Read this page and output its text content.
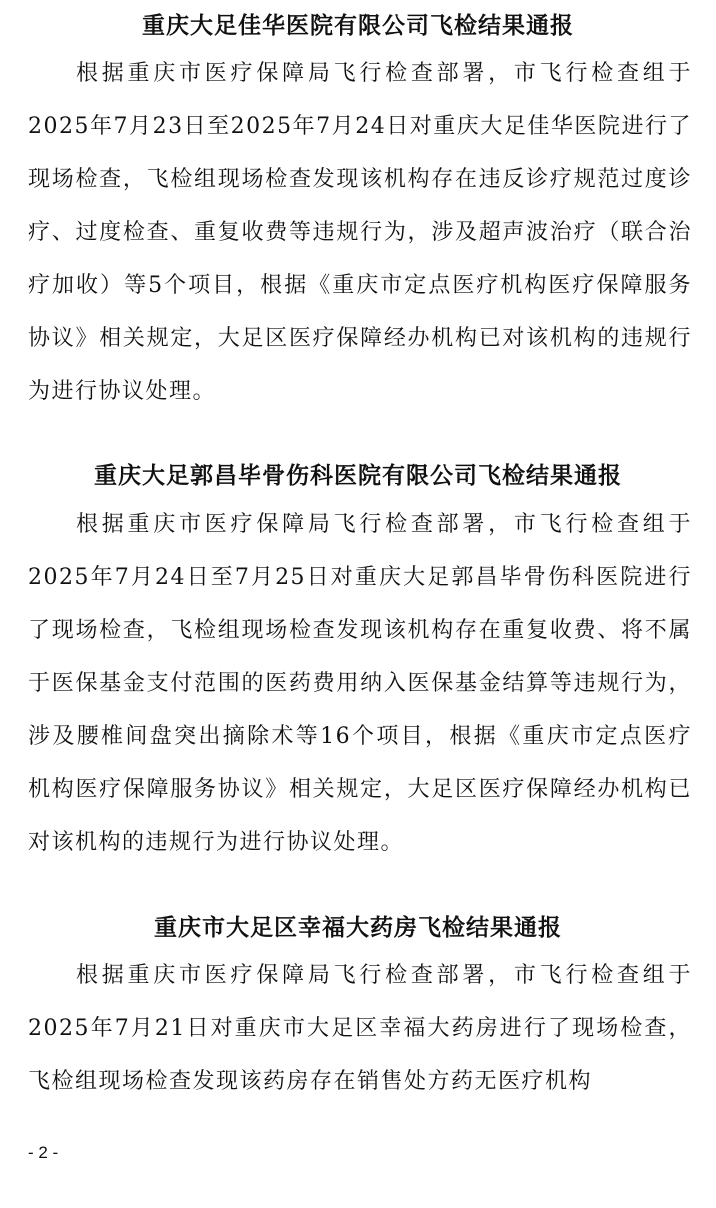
重庆大足佳华医院有限公司飞检结果通报

根据重庆市医疗保障局飞行检查部署，市飞行检查组于2025年7月23日至2025年7月24日对重庆大足佳华医院进行了现场检查，飞检组现场检查发现该机构存在违反诊疗规范过度诊疗、过度检查、重复收费等违规行为，涉及超声波治疗（联合治疗加收）等5个项目，根据《重庆市定点医疗机构医疗保障服务协议》相关规定，大足区医疗保障经办机构已对该机构的违规行为进行协议处理。

重庆大足郭昌毕骨伤科医院有限公司飞检结果通报

根据重庆市医疗保障局飞行检查部署，市飞行检查组于2025年7月24日至7月25日对重庆大足郭昌毕骨伤科医院进行了现场检查，飞检组现场检查发现该机构存在重复收费、将不属于医保基金支付范围的医药费用纳入医保基金结算等违规行为，涉及腰椎间盘突出摘除术等16个项目，根据《重庆市定点医疗机构医疗保障服务协议》相关规定，大足区医疗保障经办机构已对该机构的违规行为进行协议处理。

重庆市大足区幸福大药房飞检结果通报

根据重庆市医疗保障局飞行检查部署，市飞行检查组于2025年7月21日对重庆市大足区幸福大药房进行了现场检查，飞检组现场检查发现该药房存在销售处方药无医疗机构

- 2 -
